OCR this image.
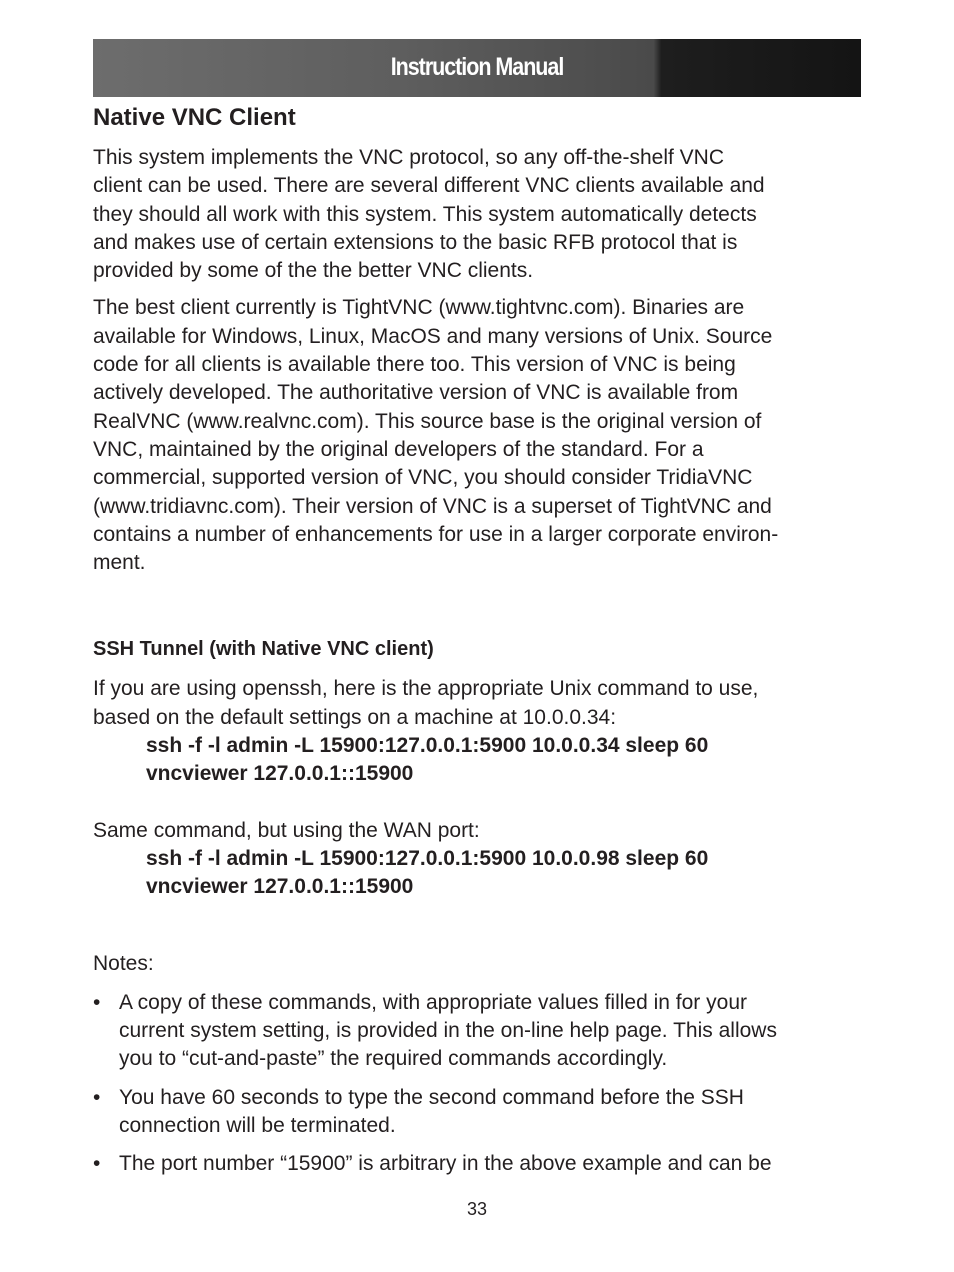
Instruction Manual
Native VNC Client

This system implements the VNC protocol, so any off-the-shelf VNC
client can be used. There are several different VNC clients available and
they should all work with this system. This system automatically detects
and makes use of certain extensions to the basic RFB protocol that is
provided by some of the the better VNC clients.

The best client currently is TightVNC (www.tightvnc.com). Binaries are
available for Windows, Linux, MacOS and many versions of Unix. Source
code for all clients is available there too. This version of VNC is being
actively developed. The authoritative version of VNC is available from
RealVNC (www.realvnc.com). This source base is the original version of
VNC, maintained by the original developers of the standard. For a
commercial, supported version of VNC, you should consider TridiaVNC
(www.tridiavnc.com). Their version of VNC is a superset of TightVNC and
contains a number of enhancements for use in a larger corporate environ-
ment.

SSH Tunnel (with Native VNC client)

If you are using openssh, here is the appropriate Unix command to use,
based on the default settings on a machine at 10.0.0.34:

ssh -f -l admin -L 15900:127.0.0.1:5900 10.0.0.34 sleep 60
vncviewer 127.0.0.1::15900

Same command, but using the WAN port:

ssh -f -l admin -L 15900:127.0.0.1:5900 10.0.0.98 sleep 60
vncviewer 127.0.0.1::15900

Notes:

• A copy of these commands, with appropriate values filled in for your
current system setting, is provided in the on-line help page. This allows
you to “cut-and-paste” the required commands accordingly.
• You have 60 seconds to type the second command before the SSH
connection will be terminated.
• The port number “15900” is arbitrary in the above example and can be
33
